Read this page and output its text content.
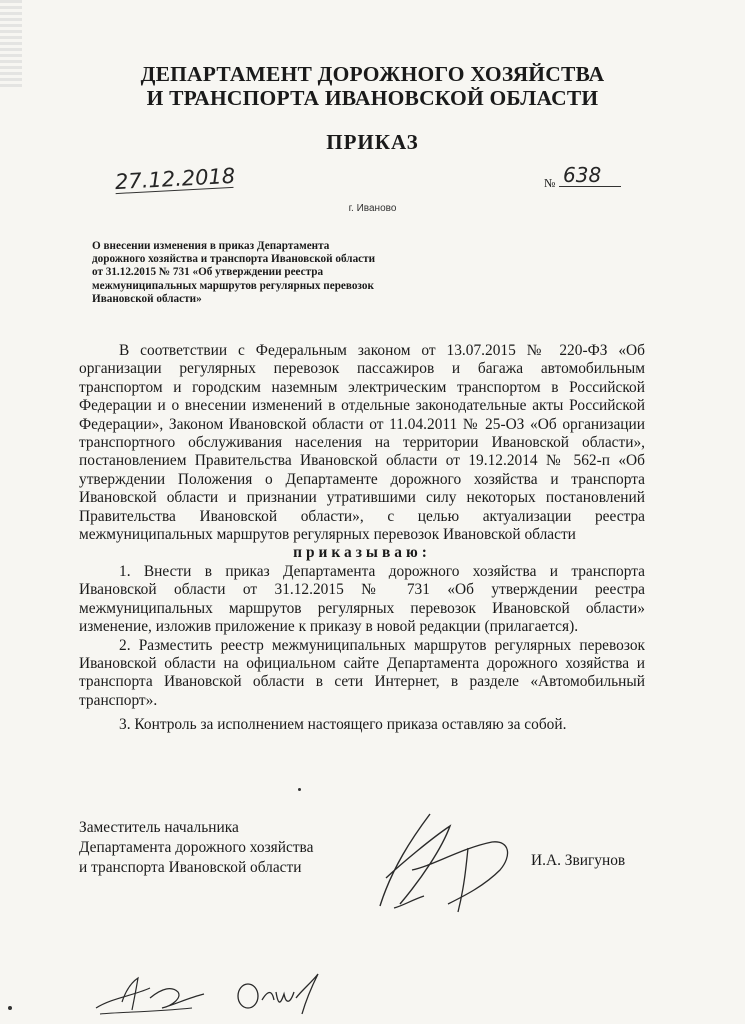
ДЕПАРТАМЕНТ ДОРОЖНОГО ХОЗЯЙСТВА
И ТРАНСПОРТА ИВАНОВСКОЙ ОБЛАСТИ
ПРИКАЗ
27.12.2018	№ 638
г. Иваново
О внесении изменения в приказ Департамента
дорожного хозяйства и транспорта Ивановской области
от 31.12.2015 № 731 «Об утверждении реестра
межмуниципальных маршрутов регулярных перевозок
Ивановской области»

В соответствии с Федеральным законом от 13.07.2015 № 220-ФЗ «Об организации регулярных перевозок пассажиров и багажа автомобильным транспортом и городским наземным электрическим транспортом в Российской Федерации и о внесении изменений в отдельные законодательные акты Российской Федерации», Законом Ивановской области от 11.04.2011 № 25-ОЗ «Об организации транспортного обслуживания населения на территории Ивановской области», постановлением Правительства Ивановской области от 19.12.2014 № 562-п «Об утверждении Положения о Департаменте дорожного хозяйства и транспорта Ивановской области и признании утратившими силу некоторых постановлений Правительства Ивановской области», с целью актуализации реестра межмуниципальных маршрутов регулярных перевозок Ивановской области

приказываю:

1. Внести в приказ Департамента дорожного хозяйства и транспорта Ивановской области от 31.12.2015 № 731 «Об утверждении реестра межмуниципальных маршрутов регулярных перевозок Ивановской области» изменение, изложив приложение к приказу в новой редакции (прилагается).

2. Разместить реестр межмуниципальных маршрутов регулярных перевозок Ивановской области на официальном сайте Департамента дорожного хозяйства и транспорта Ивановской области в сети Интернет, в разделе «Автомобильный транспорт».

3. Контроль за исполнением настоящего приказа оставляю за собой.

Заместитель начальника
Департамента дорожного хозяйства
и транспорта Ивановской области	И.А. Звигунов
